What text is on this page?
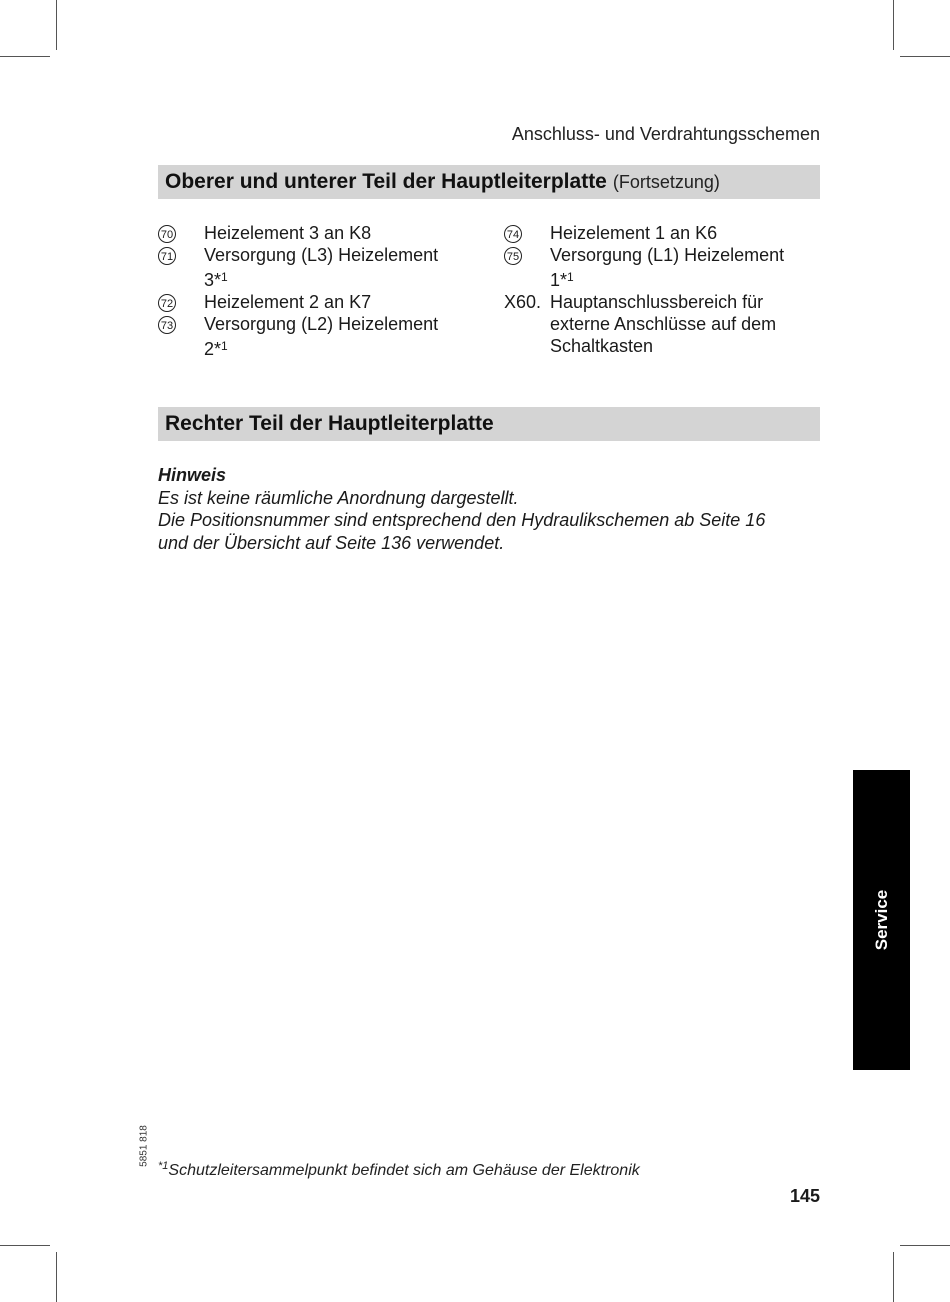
Anschluss- und Verdrahtungsschemen
Oberer und unterer Teil der Hauptleiterplatte (Fortsetzung)
70	Heizelement 3 an K8
71	Versorgung (L3) Heizelement
3*$^1$
72	Heizelement 2 an K7
73	Versorgung (L2) Heizelement
2*$^1$
74	Heizelement 1 an K6
75	Versorgung (L1) Heizelement
1*$^1$
X60. Hauptanschlussbereich für
externe Anschlüsse auf dem
Schaltkasten
Rechter Teil der Hauptleiterplatte
Hinweis
Es ist keine räumliche Anordnung dargestellt.
Die Positionsnummer sind entsprechend den Hydraulikschemen ab Seite 16
und der Übersicht auf Seite 136 verwendet.
Service
5851 818 $^{*1}$Schutzleitersammelpunkt befindet sich am Gehäuse der Elektronik
145
